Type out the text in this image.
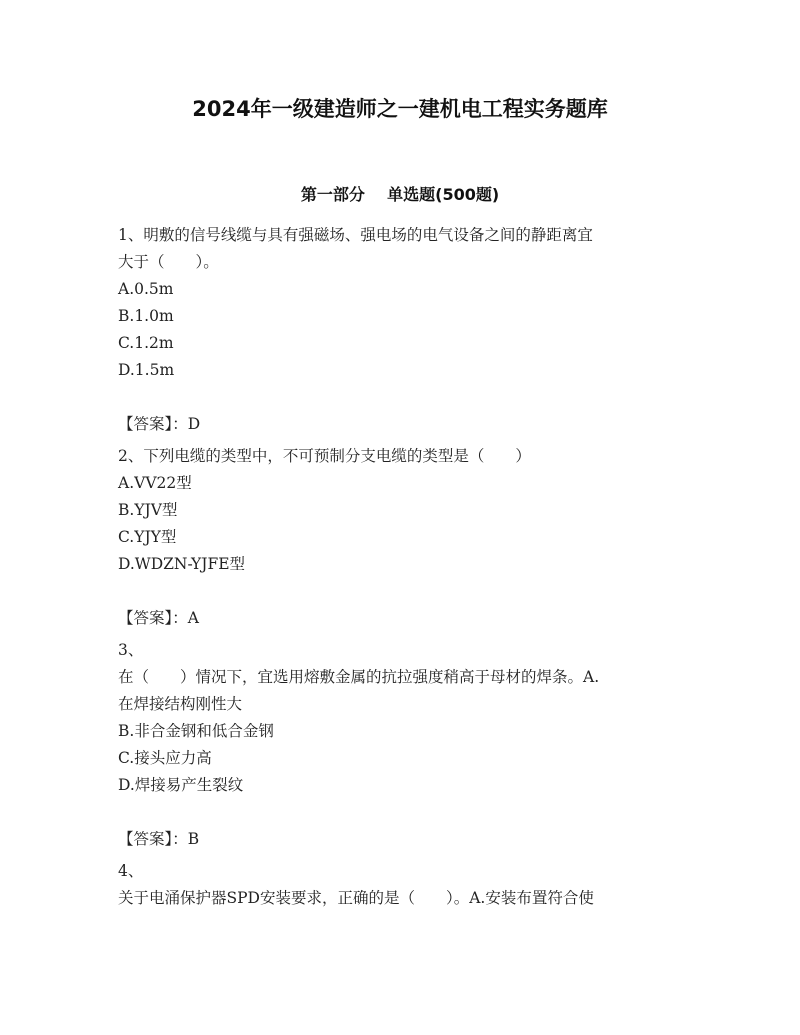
2024年一级建造师之一建机电工程实务题库
第一部分    单选题(500题)
1、明敷的信号线缆与具有强磁场、强电场的电气设备之间的静距离宜
大于（　　）。
A.0.5m
B.1.0m
C.1.2m
D.1.5m
【答案】：D
2、下列电缆的类型中，不可预制分支电缆的类型是（　　）
A.VV22型
B.YJV型
C.YJY型
D.WDZN-YJFE型
【答案】：A
3、
在（　　）情况下，宜选用熔敷金属的抗拉强度稍高于母材的焊条。A.
在焊接结构刚性大
B.非合金钢和低合金钢
C.接头应力高
D.焊接易产生裂纹
【答案】：B
4、
关于电涌保护器SPD安装要求，正确的是（　　）。A.安装布置符合使
